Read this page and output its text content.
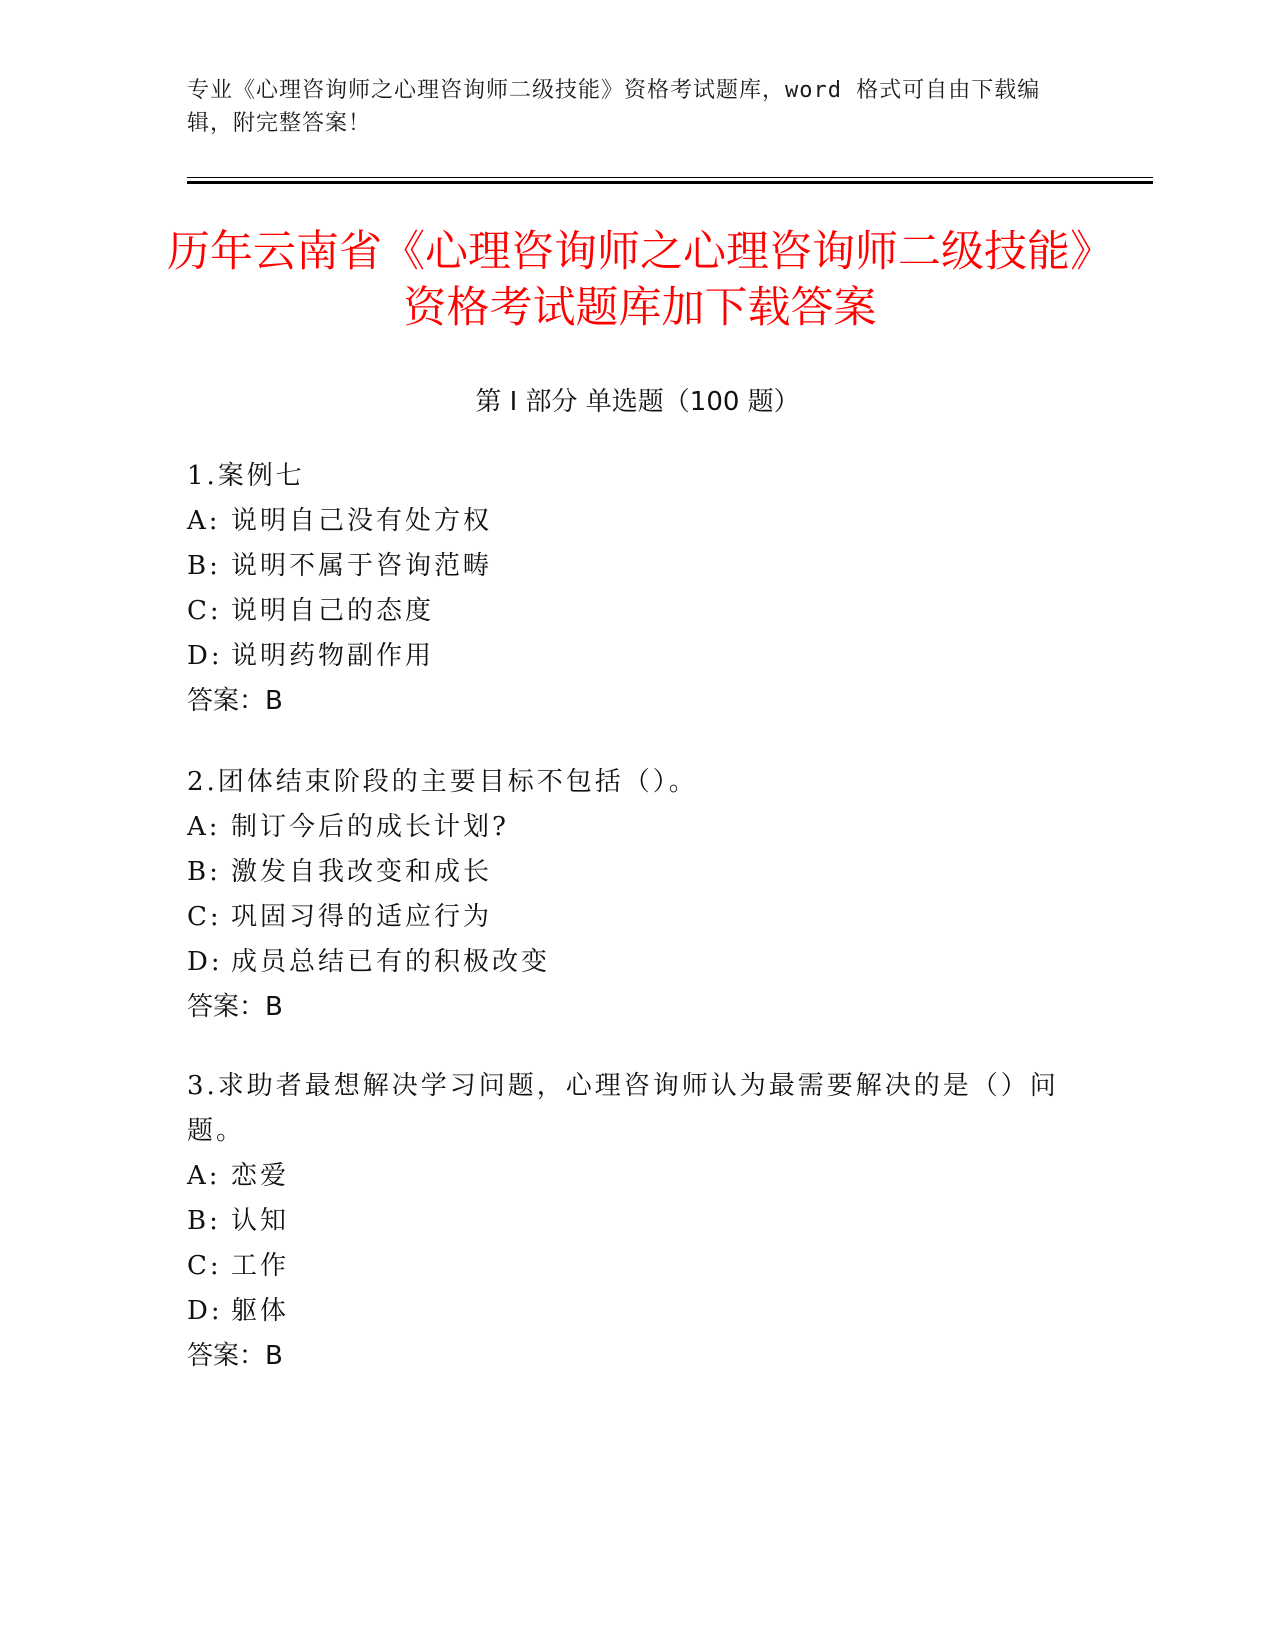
专业《心理咨询师之心理咨询师二级技能》资格考试题库，word 格式可自由下载编辑，附完整答案！
历年云南省《心理咨询师之心理咨询师二级技能》资格考试题库加下载答案
第 I 部分 单选题（100 题）
1.案例七
A: 说明自己没有处方权
B: 说明不属于咨询范畴
C: 说明自己的态度
D: 说明药物副作用
答案：B
2.团体结束阶段的主要目标不包括（）。
A: 制订今后的成长计划?
B: 激发自我改变和成长
C: 巩固习得的适应行为
D: 成员总结已有的积极改变
答案：B
3.求助者最想解决学习问题，心理咨询师认为最需要解决的是（）问题。
A: 恋爱
B: 认知
C: 工作
D: 躯体
答案：B
